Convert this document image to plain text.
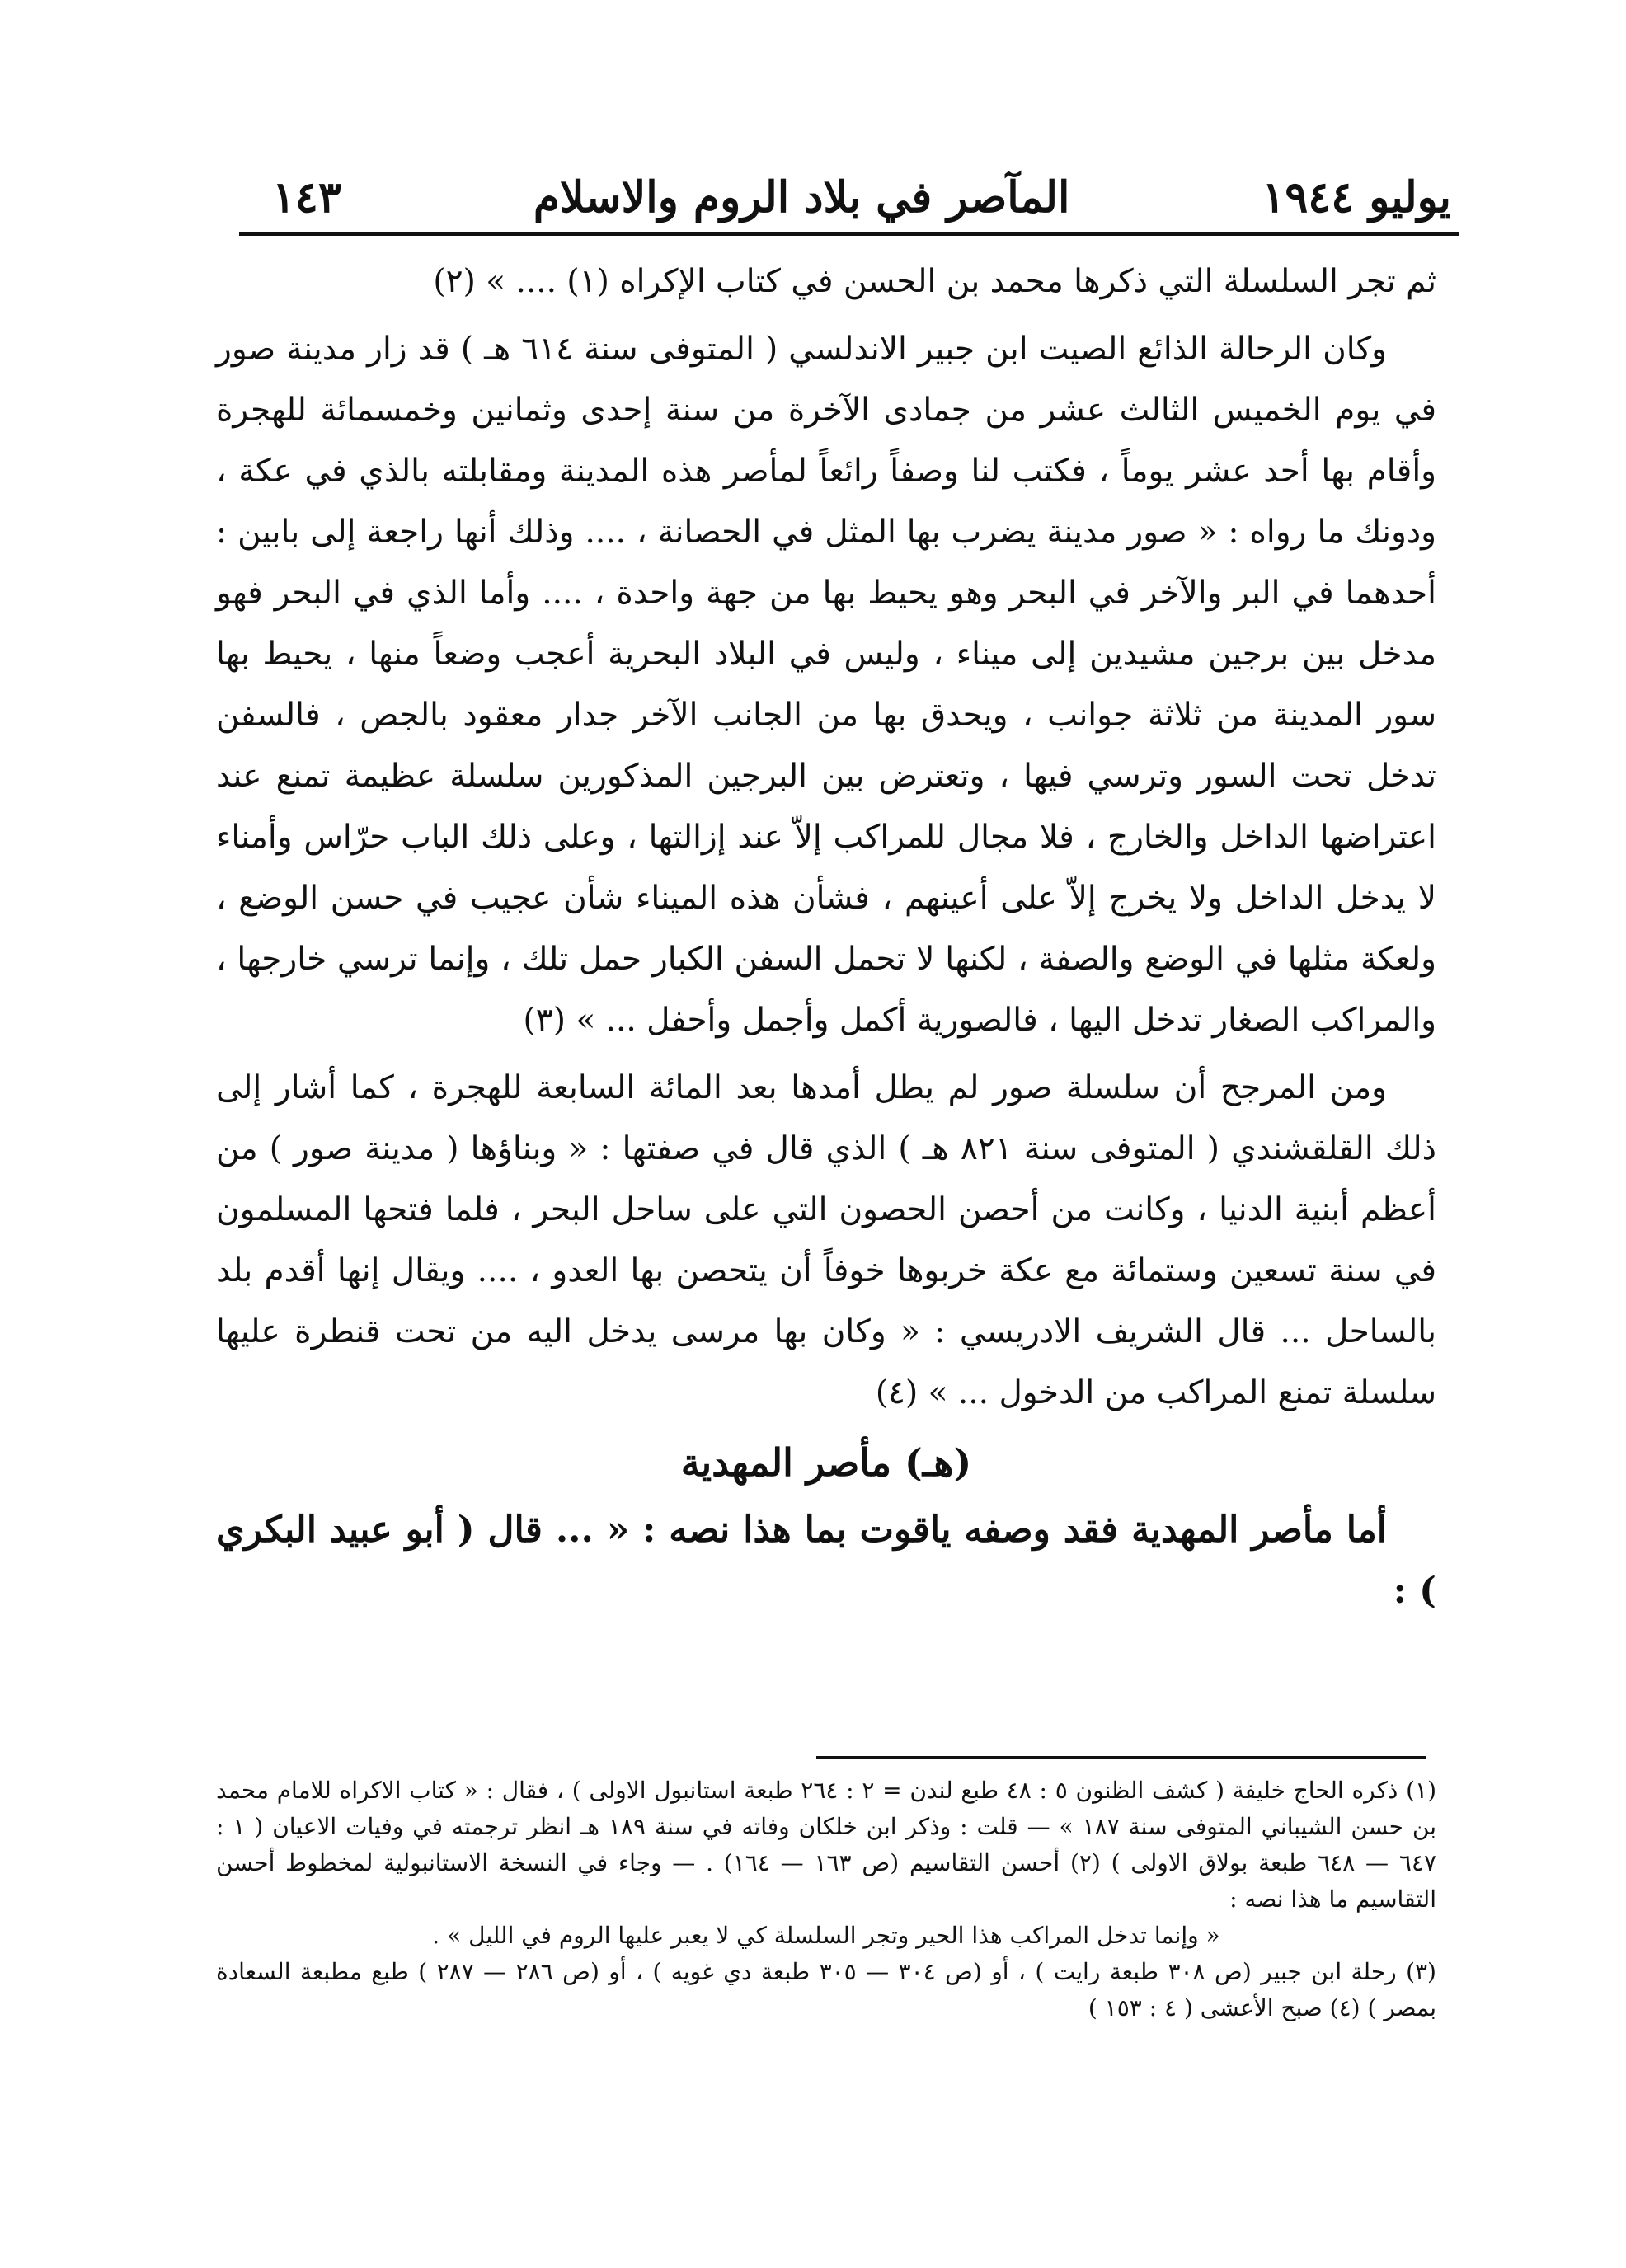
يوليو ١٩٤٤
المآصر في بلاد الروم والاسلام
١٤٣

ثم تجر السلسلة التي ذكرها محمد بن الحسن في كتاب الإكراه (١) .... » (٢)

وكان الرحالة الذائع الصيت ابن جبير الاندلسي ( المتوفى سنة ٦١٤ هـ ) قد زار مدينة صور في يوم الخميس الثالث عشر من جمادى الآخرة من سنة إحدى وثمانين وخمسمائة للهجرة وأقام بها أحد عشر يوماً ، فكتب لنا وصفاً رائعاً لمأصر هذه المدينة ومقابلته بالذي في عكة ، ودونك ما رواه : « صور مدينة يضرب بها المثل في الحصانة ، .... وذلك أنها راجعة إلى بابين : أحدهما في البر والآخر في البحر وهو يحيط بها من جهة واحدة ، .... وأما الذي في البحر فهو مدخل بين برجين مشيدين إلى ميناء ، وليس في البلاد البحرية أعجب وضعاً منها ، يحيط بها سور المدينة من ثلاثة جوانب ، ويحدق بها من الجانب الآخر جدار معقود بالجص ، فالسفن تدخل تحت السور وترسي فيها ، وتعترض بين البرجين المذكورين سلسلة عظيمة تمنع عند اعتراضها الداخل والخارج ، فلا مجال للمراكب إلاّ عند إزالتها ، وعلى ذلك الباب حرّاس وأمناء لا يدخل الداخل ولا يخرج إلاّ على أعينهم ، فشأن هذه الميناء شأن عجيب في حسن الوضع ، ولعكة مثلها في الوضع والصفة ، لكنها لا تحمل السفن الكبار حمل تلك ، وإنما ترسي خارجها ، والمراكب الصغار تدخل اليها ، فالصورية أكمل وأجمل وأحفل ... » (٣)

ومن المرجح أن سلسلة صور لم يطل أمدها بعد المائة السابعة للهجرة ، كما أشار إلى ذلك القلقشندي ( المتوفى سنة ٨٢١ هـ ) الذي قال في صفتها : « وبناؤها ( مدينة صور ) من أعظم أبنية الدنيا ، وكانت من أحصن الحصون التي على ساحل البحر ، فلما فتحها المسلمون في سنة تسعين وستمائة مع عكة خربوها خوفاً أن يتحصن بها العدو ، .... ويقال إنها أقدم بلد بالساحل ... قال الشريف الادريسي : « وكان بها مرسى يدخل اليه من تحت قنطرة عليها سلسلة تمنع المراكب من الدخول ... » (٤)

(هـ) مأصر المهدية

أما مأصر المهدية فقد وصفه ياقوت بما هذا نصه : « ... قال ( أبو عبيد البكري ) :

(١) ذكره الحاج خليفة ( كشف الظنون ٥ : ٤٨ طبع لندن = ٢ : ٢٦٤ طبعة استانبول الاولى ) ، فقال : « كتاب الاكراه للامام محمد بن حسن الشيباني المتوفى سنة ١٨٧ » — قلت : وذكر ابن خلكان وفاته في سنة ١٨٩ هـ انظر ترجمته في وفيات الاعيان ( ١ : ٦٤٧ — ٦٤٨ طبعة بولاق الاولى ) (٢) أحسن التقاسيم (ص ١٦٣ — ١٦٤) . — وجاء في النسخة الاستانبولية لمخطوط أحسن التقاسيم ما هذا نصه :

« وإنما تدخل المراكب هذا الحير وتجر السلسلة كي لا يعبر عليها الروم في الليل » .

(٣) رحلة ابن جبير (ص ٣٠٨ طبعة رايت ) ، أو (ص ٣٠٤ — ٣٠٥ طبعة دي غويه ) ، أو (ص ٢٨٦ — ٢٨٧ ) طبع مطبعة السعادة بمصر ) (٤) صبح الأعشى ( ٤ : ١٥٣ )
